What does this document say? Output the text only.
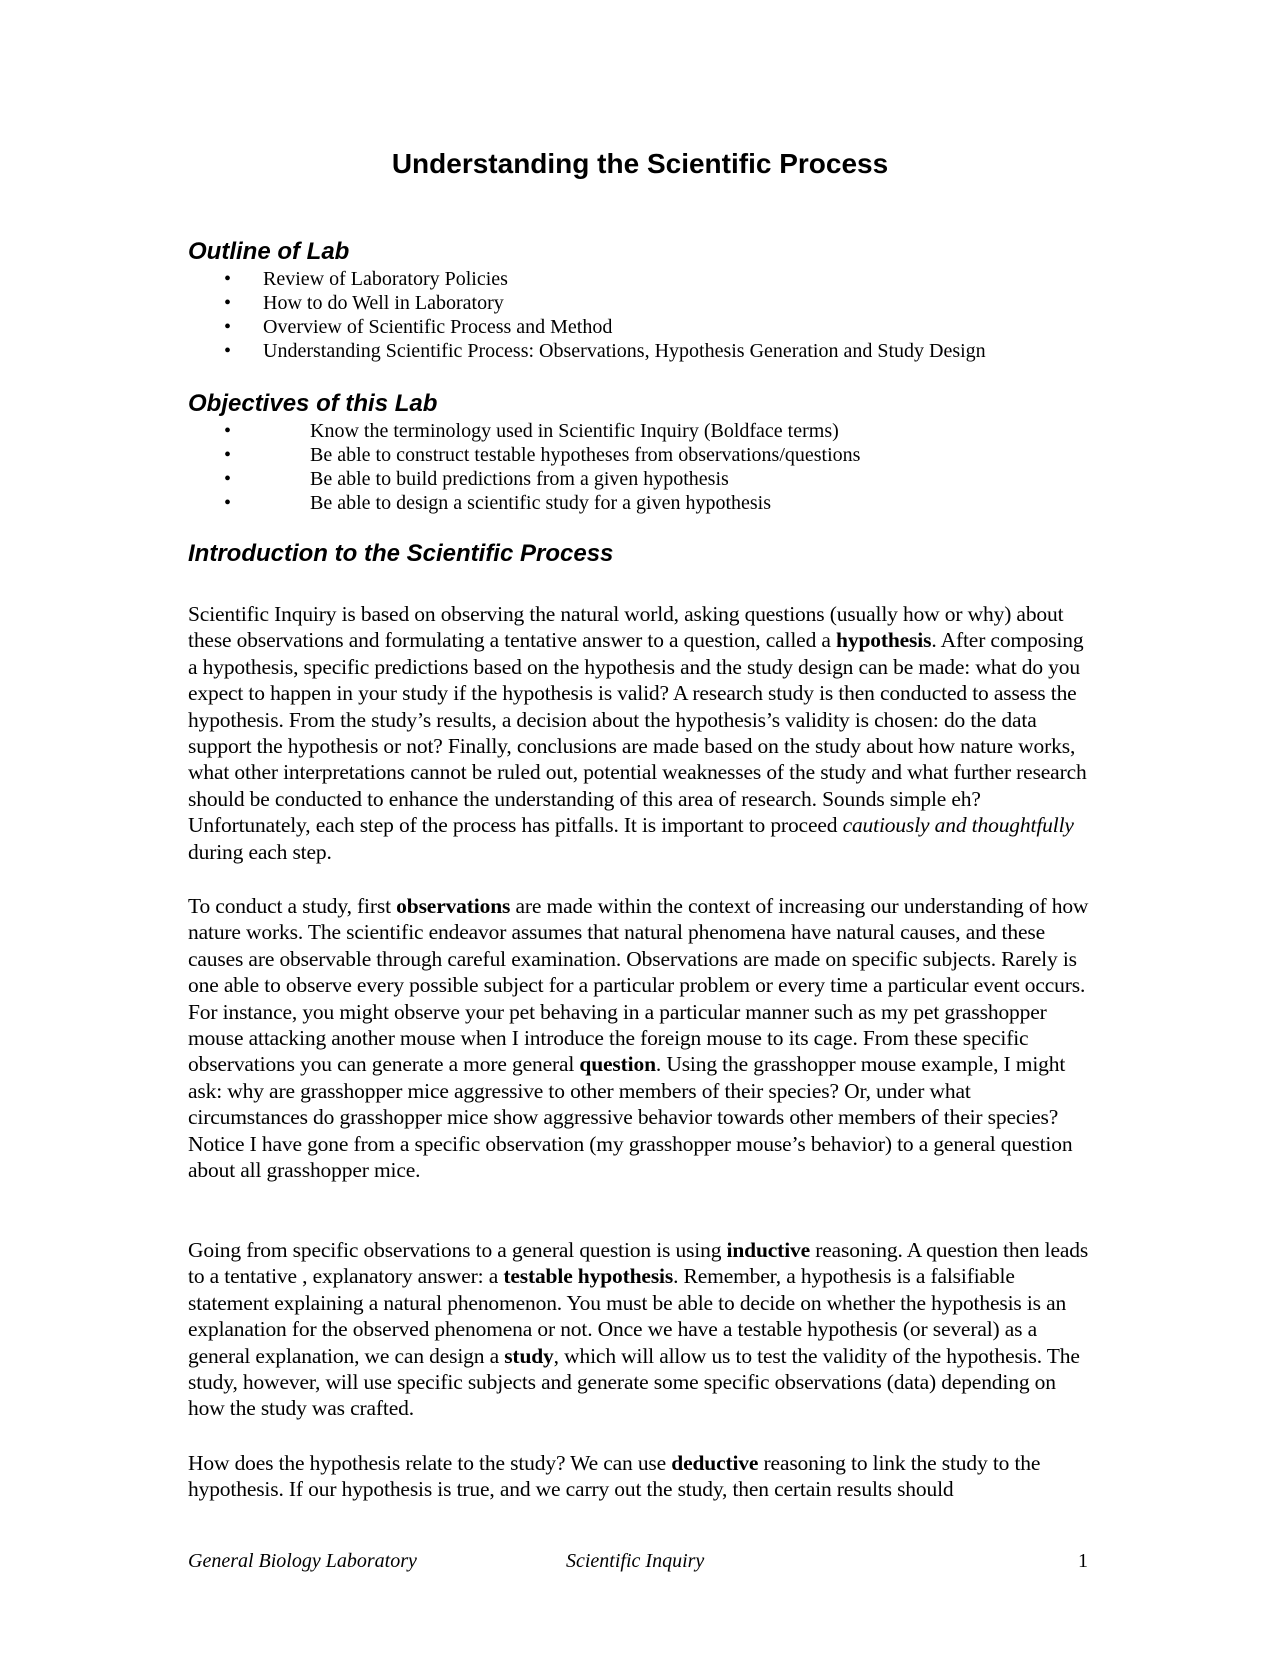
Understanding the Scientific Process
Outline of Lab
• Review of Laboratory Policies
• How to do Well in Laboratory
• Overview of Scientific Process and Method
• Understanding Scientific Process: Observations, Hypothesis Generation and Study Design
Objectives of this Lab
•	Know the terminology used in Scientific Inquiry (Boldface terms)
•	Be able to construct testable hypotheses from observations/questions
•	Be able to build predictions from a given hypothesis
•	Be able to design a scientific study for a given hypothesis
Introduction to the Scientific Process

Scientific Inquiry is based on observing the natural world, asking questions (usually how or why) about these observations and formulating a tentative answer to a question, called a hypothesis. After composing a hypothesis, specific predictions based on the hypothesis and the study design can be made: what do you expect to happen in your study if the hypothesis is valid? A research study is then conducted to assess the hypothesis. From the study’s results, a decision about the hypothesis’s validity is chosen: do the data support the hypothesis or not? Finally, conclusions are made based on the study about how nature works, what other interpretations cannot be ruled out, potential weaknesses of the study and what further research should be conducted to enhance the understanding of this area of research. Sounds simple eh? Unfortunately, each step of the process has pitfalls. It is important to proceed cautiously and thoughtfully during each step.

To conduct a study, first observations are made within the context of increasing our understanding of how nature works. The scientific endeavor assumes that natural phenomena have natural causes, and these causes are observable through careful examination. Observations are made on specific subjects. Rarely is one able to observe every possible subject for a particular problem or every time a particular event occurs. For instance, you might observe your pet behaving in a particular manner such as my pet grasshopper mouse attacking another mouse when I introduce the foreign mouse to its cage. From these specific observations you can generate a more general question. Using the grasshopper mouse example, I might ask: why are grasshopper mice aggressive to other members of their species? Or, under what circumstances do grasshopper mice show aggressive behavior towards other members of their species? Notice I have gone from a specific observation (my grasshopper mouse’s behavior) to a general question about all grasshopper mice.

Going from specific observations to a general question is using inductive reasoning. A question then leads to a tentative , explanatory answer: a testable hypothesis. Remember, a hypothesis is a falsifiable statement explaining a natural phenomenon. You must be able to decide on whether the hypothesis is an explanation for the observed phenomena or not. Once we have a testable hypothesis (or several) as a general explanation, we can design a study, which will allow us to test the validity of the hypothesis. The study, however, will use specific subjects and generate some specific observations (data) depending on how the study was crafted.

How does the hypothesis relate to the study? We can use deductive reasoning to link the study to the hypothesis. If our hypothesis is true, and we carry out the study, then certain results should

General Biology Laboratory	Scientific Inquiry	1
